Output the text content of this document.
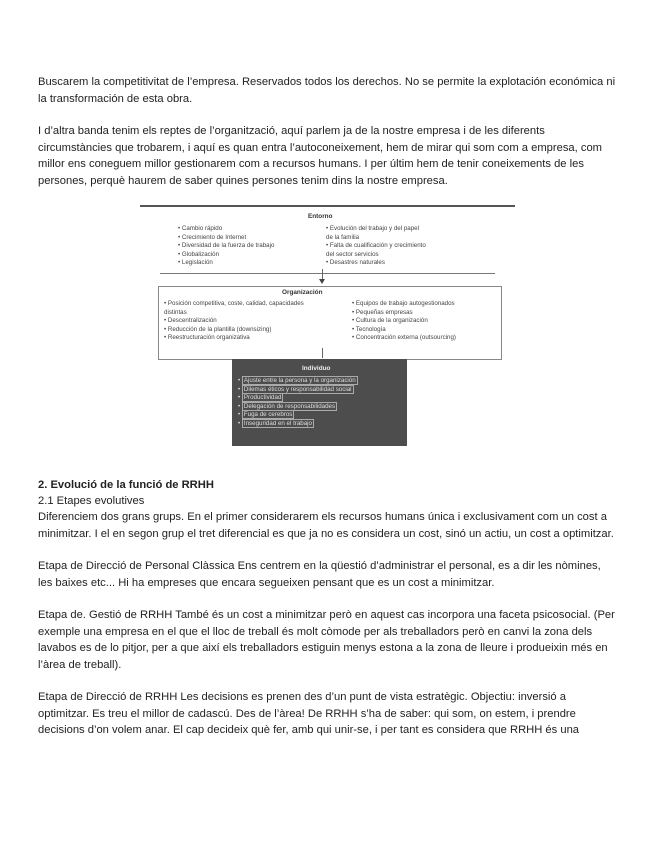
Buscarem la competitivitat de l’empresa. Reservados todos los derechos. No se permite la explotación económica ni la transformación de esta obra.

I d’altra banda tenim els reptes de l’organització, aquí parlem ja de la nostre empresa i de les diferents circumstàncies que trobarem, i aquí es quan entra l’autoconeixement, hem de mirar qui som com a empresa, com millor ens coneguem millor gestionarem com a recursos humans. I per últim hem de tenir coneixements de les persones, perquè haurem de saber quines persones tenim dins la nostre empresa.

Entorno
• Cambio rápido
• Crecimiento de Internet
• Diversidad de la fuerza de trabajo
• Globalización
• Legislación
• Evolución del trabajo y del papel
de la familia
• Falta de cualificación y crecimiento
del sector servicios
• Desastres naturales
Organización
• Posición competitiva, coste, calidad, capacidades
distintas
• Descentralización
• Reducción de la plantilla (downsizing)
• Reestructuración organizativa
• Equipos de trabajo autogestionados
• Pequeñas empresas
• Cultura de la organización
• Tecnología
• Concentración externa (outsourcing)
Individuo
• Ajuste entre la persona y la organización
• Dilemas éticos y responsabilidad social
• Productividad
• Delegación de responsabilidades
• Fuga de cerebros
• Inseguridad en el trabajo

2. Evolució de la funció de RRHH

2.1 Etapes evolutives

Diferenciem dos grans grups. En el primer considerarem els recursos humans única i exclusivament com un cost a minimitzar. I el en segon grup el tret diferencial es que ja no es considera un cost, sinó un actiu, un cost a optimitzar.

Etapa de Direcció de Personal Clàssica Ens centrem en la qüestió d’administrar el personal, es a dir les nòmines, les baixes etc... Hi ha empreses que encara segueixen pensant que es un cost a minimitzar.

Etapa de. Gestió de RRHH També és un cost a minimitzar però en aquest cas incorpora una faceta psicosocial. (Per exemple una empresa en el que el lloc de treball és molt còmode per als treballadors però en canvi la zona dels lavabos es de lo pitjor, per a que així els treballadors estiguin menys estona a la zona de lleure i produeixin més en l’àrea de treball).

Etapa de Direcció de RRHH Les decisions es prenen des d’un punt de vista estratègic. Objectiu: inversió a optimitzar. Es treu el millor de cadascú. Des de l’àrea! De RRHH s’ha de saber: qui som, on estem, i prendre decisions d’on volem anar. El cap decideix què fer, amb qui unir-se, i per tant es considera que RRHH és una
